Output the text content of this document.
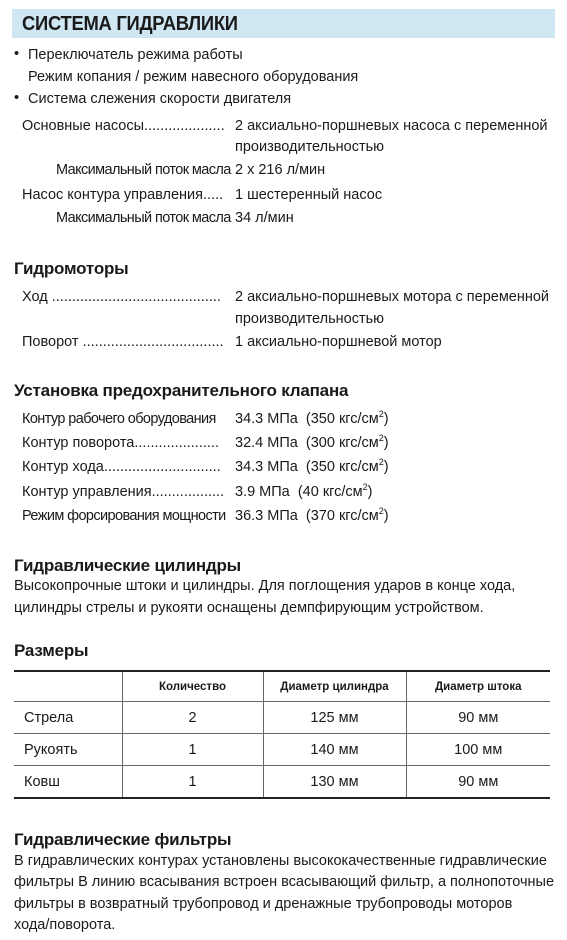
СИСТЕМА ГИДРАВЛИКИ
• Переключатель режима работы
Режим копания / режим навесного оборудования
• Система слежения скорости двигателя
Основные насосы.................... 2 аксиально-поршневых насоса с переменной
производительностью
Максимальный поток масла 2 x 216 л/мин
Насос контура управления..... 1 шестеренный насос
Максимальный поток масла 34 л/мин
Гидромоторы
Ход .......................................... 2 аксиально-поршневых мотора с переменной
производительностью
Поворот ................................... 1 аксиально-поршневой мотор
Установка предохранительного клапана
Контур рабочего оборудования 34.3 МПа (350 кгс/$см^2$)
Контур поворота..................... 32.4 МПа (300 кгс/$см^2$)
Контур хода............................. 34.3 МПа (350 кгс/$см^2$)
Контур управления.................. 3.9 МПа (40 кгс/$см^2$)
Режим форсирования мощности 36.3 МПа (370 кгс/$см^2$)
Гидравлические цилиндры
Высокопрочные штоки и цилиндры. Для поглощения ударов в конце хода,
цилиндры стрелы и рукояти оснащены демпфирующим устройством.
Размеры
	Количество	Диаметр цилиндра	Диаметр штока
Стрела	2	125 мм	90 мм
Рукоять	1	140 мм	100 мм
Ковш	1	130 мм	90 мм
Гидравлические фильтры
В гидравлических контурах установлены высококачественные гидравлические
фильтры В линию всасывания встроен всасывающий фильтр, а полнопоточные
фильтры в возвратный трубопровод и дренажные трубопроводы моторов
хода/поворота.
